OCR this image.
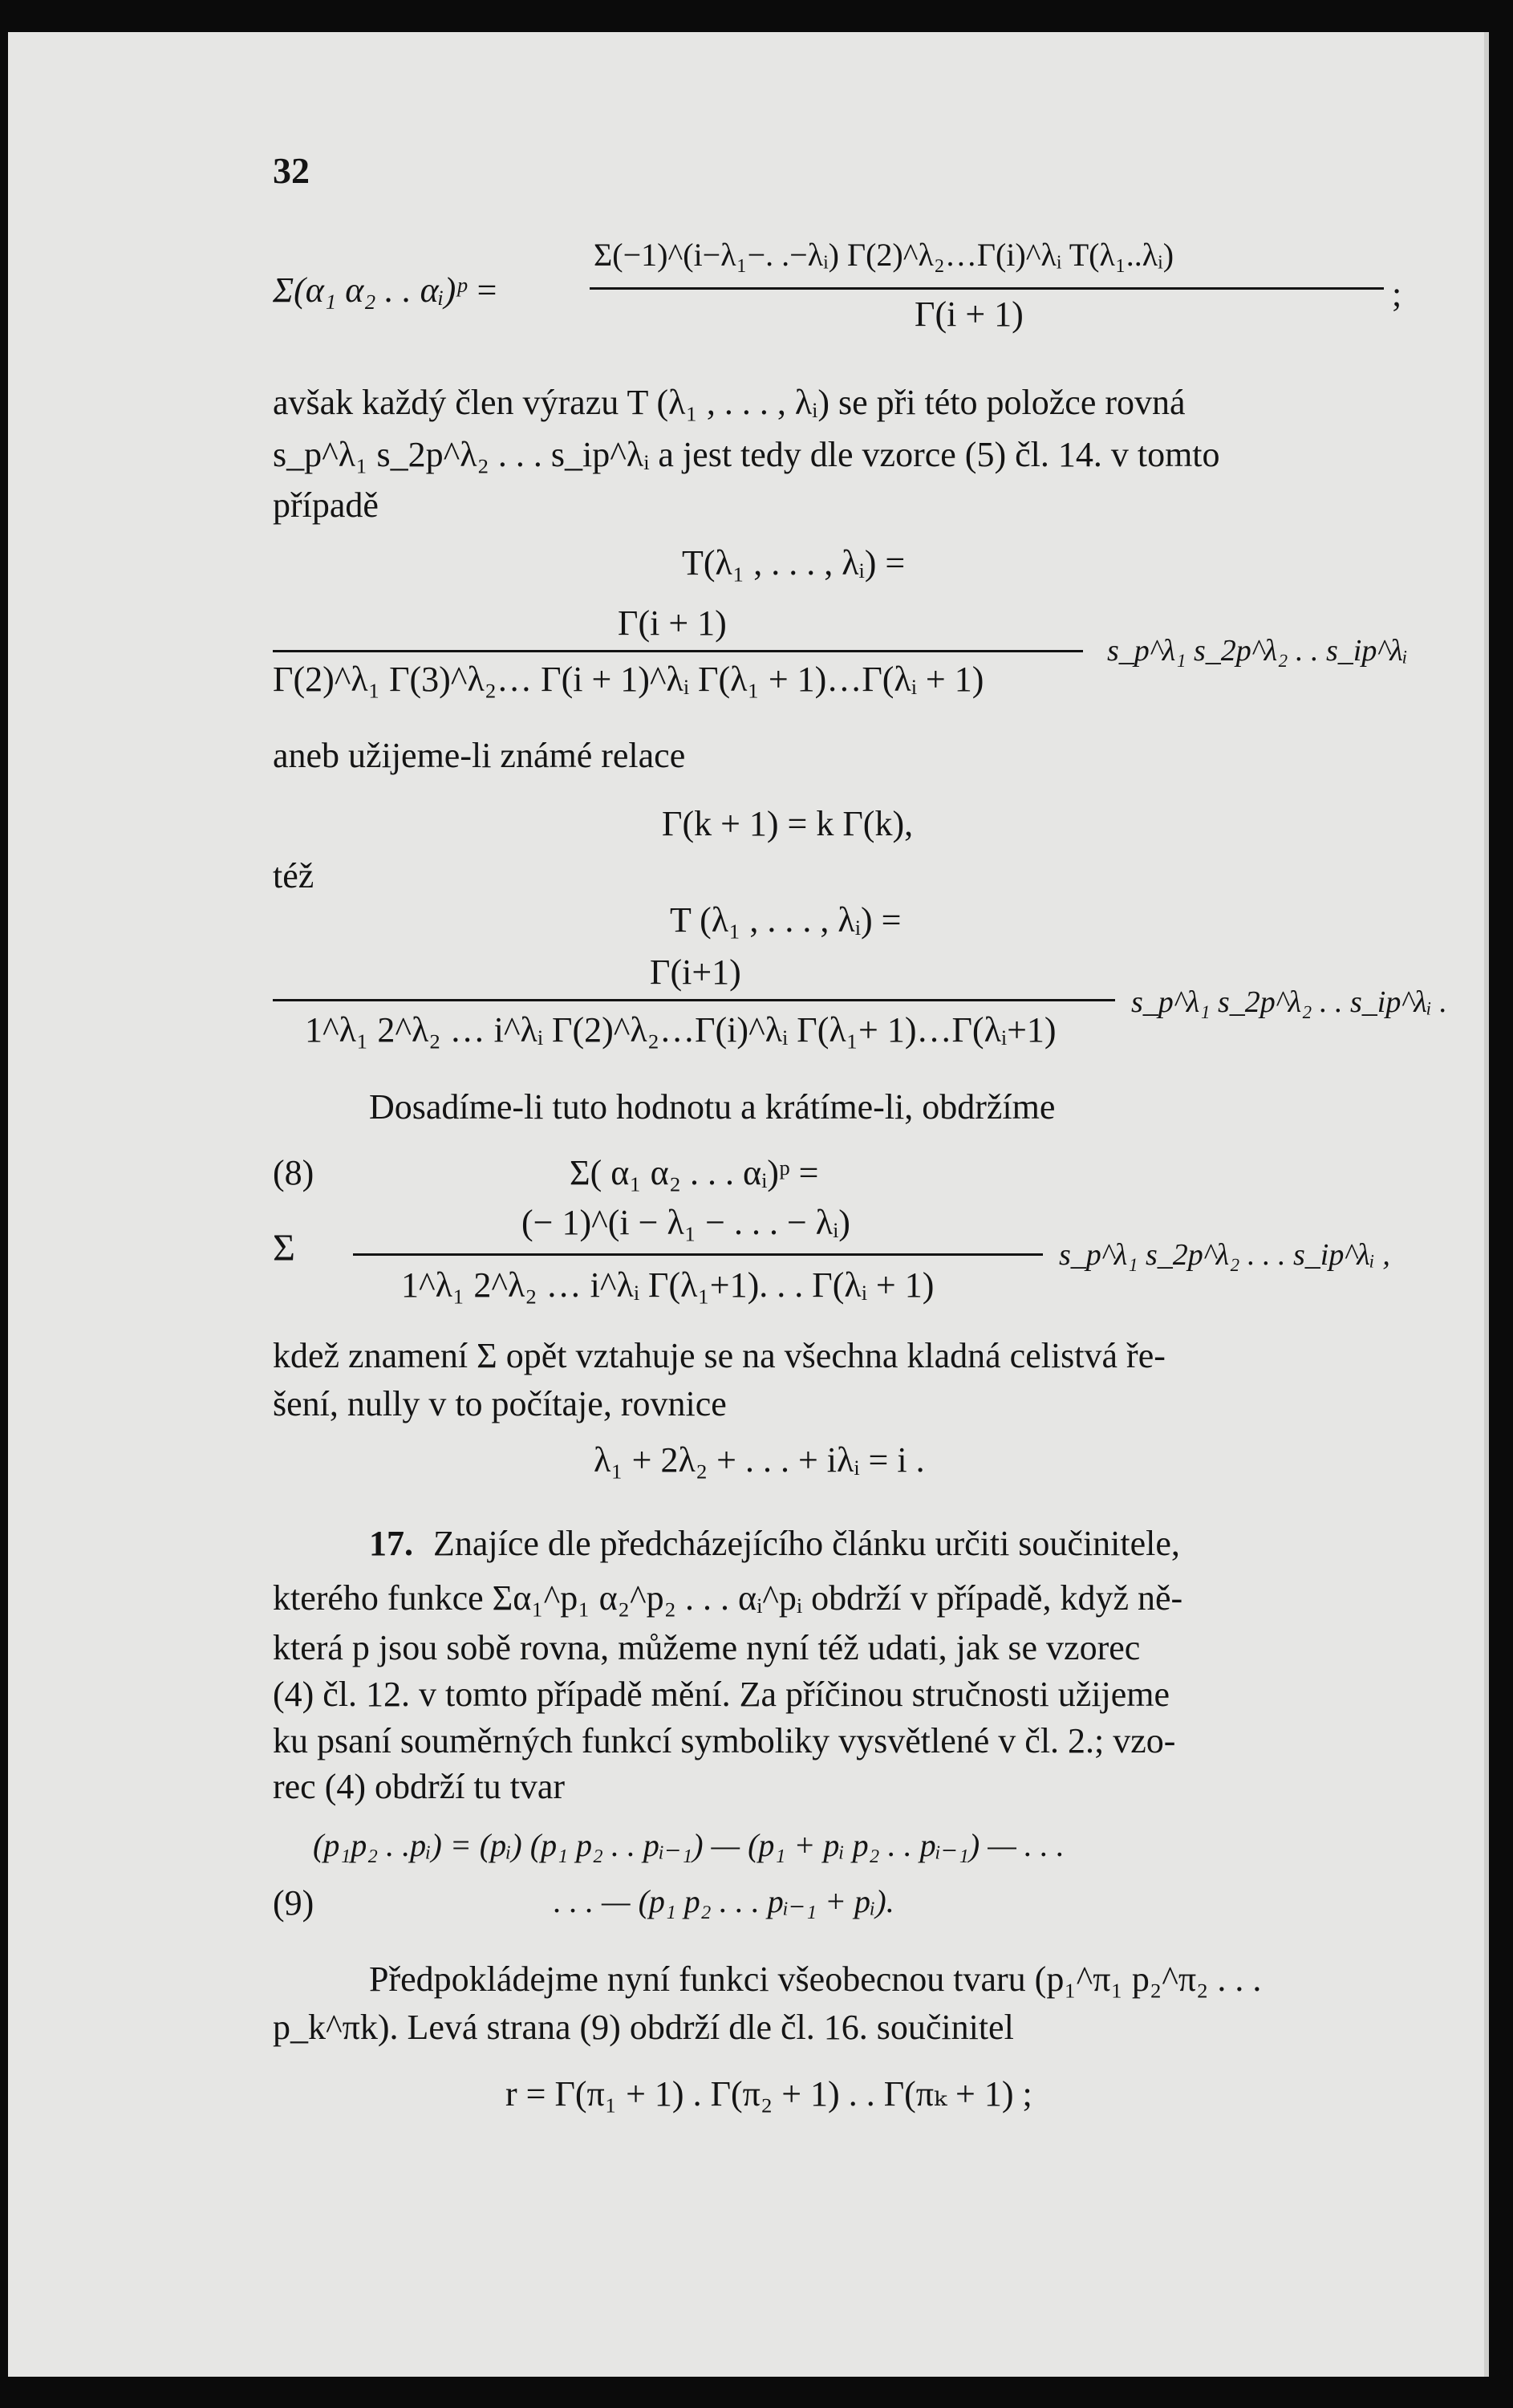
32
Σ(α₁ α₂ . . αᵢ)ᵖ =
Σ(−1)^(i−λ₁−. .−λᵢ) Γ(2)^λ₂…Γ(i)^λᵢ T(λ₁..λᵢ)
Γ(i + 1)
;
avšak každý člen výrazu T (λ₁ , . . . , λᵢ) se při této položce rovná
s_p^λ₁ s_2p^λ₂ . . . s_ip^λᵢ a jest tedy dle vzorce (5) čl. 14. v tomto
případě
T(λ₁ , . . . , λᵢ) =
Γ(i + 1)
Γ(2)^λ₁ Γ(3)^λ₂… Γ(i + 1)^λᵢ Γ(λ₁ + 1)…Γ(λᵢ + 1)
s_p^λ₁ s_2p^λ₂ . . s_ip^λᵢ
aneb užijeme-li známé relace
Γ(k + 1) = k Γ(k),
též
T (λ₁ , . . . , λᵢ) =
Γ(i+1)
1^λ₁ 2^λ₂ … i^λᵢ Γ(2)^λ₂…Γ(i)^λᵢ Γ(λ₁+ 1)…Γ(λᵢ+1)
s_p^λ₁ s_2p^λ₂ . . s_ip^λᵢ .
Dosadíme-li tuto hodnotu a krátíme-li, obdržíme
(8)	Σ( α₁ α₂ . . . αᵢ)ᵖ =
Σ
(− 1)^(i − λ₁ − . . . − λᵢ)
1^λ₁ 2^λ₂ … i^λᵢ Γ(λ₁+1). . . Γ(λᵢ + 1)
s_p^λ₁ s_2p^λ₂ . . . s_ip^λᵢ ,
kdež znamení Σ opět vztahuje se na všechna kladná celistvá ře-
šení, nully v to počítaje, rovnice
λ₁ + 2λ₂ + . . . + iλᵢ = i .
17. Znajíce dle předcházejícího článku určiti součinitele,
kterého funkce Σα₁^p₁ α₂^p₂ . . . αᵢ^pᵢ obdrží v případě, když ně-
která p jsou sobě rovna, můžeme nyní též udati, jak se vzorec
(4) čl. 12. v tomto případě mění. Za příčinou stručnosti užijeme
ku psaní souměrných funkcí symboliky vysvětlené v čl. 2.; vzo-
rec (4) obdrží tu tvar
(p₁p₂ . .pᵢ) = (pᵢ) (p₁ p₂ . . pᵢ₋₁) — (p₁ + pᵢ p₂ . . pᵢ₋₁) — . . .
(9)	. . . — (p₁ p₂ . . . pᵢ₋₁ + pᵢ).
Předpokládejme nyní funkci všeobecnou tvaru (p₁^π₁ p₂^π₂ . . .
p_k^πk). Levá strana (9) obdrží dle čl. 16. součinitel
r = Γ(π₁ + 1) . Γ(π₂ + 1) . . Γ(πₖ + 1) ;
